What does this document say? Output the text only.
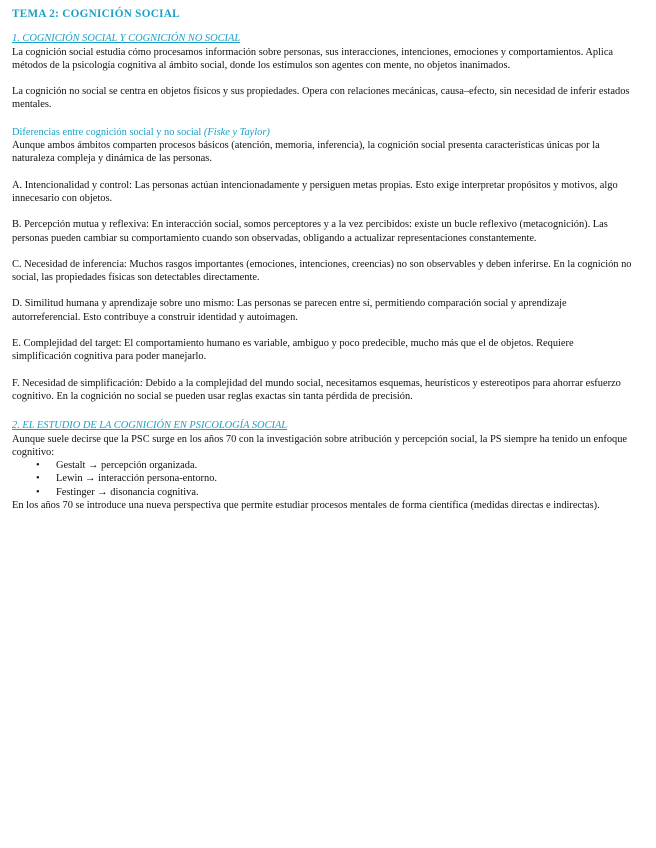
TEMA 2: COGNICIÓN SOCIAL
1. COGNICIÓN SOCIAL Y COGNICIÓN NO SOCIAL

La cognición social estudia cómo procesamos información sobre personas, sus interacciones, intenciones, emociones y comportamientos. Aplica métodos de la psicología cognitiva al ámbito social, donde los estímulos son agentes con mente, no objetos inanimados.

La cognición no social se centra en objetos físicos y sus propiedades. Opera con relaciones mecánicas, causa–efecto, sin necesidad de inferir estados mentales.

Diferencias entre cognición social y no social (Fiske y Taylor)

Aunque ambos ámbitos comparten procesos básicos (atención, memoria, inferencia), la cognición social presenta características únicas por la naturaleza compleja y dinámica de las personas.

A. Intencionalidad y control: Las personas actúan intencionadamente y persiguen metas propias. Esto exige interpretar propósitos y motivos, algo innecesario con objetos.

B. Percepción mutua y reflexiva: En interacción social, somos perceptores y a la vez percibidos: existe un bucle reflexivo (metacognición). Las personas pueden cambiar su comportamiento cuando son observadas, obligando a actualizar representaciones constantemente.

C. Necesidad de inferencia: Muchos rasgos importantes (emociones, intenciones, creencias) no son observables y deben inferirse. En la cognición no social, las propiedades físicas son detectables directamente.

D. Similitud humana y aprendizaje sobre uno mismo: Las personas se parecen entre sí, permitiendo comparación social y aprendizaje autorreferencial. Esto contribuye a construir identidad y autoimagen.

E. Complejidad del target: El comportamiento humano es variable, ambiguo y poco predecible, mucho más que el de objetos. Requiere simplificación cognitiva para poder manejarlo.

F. Necesidad de simplificación: Debido a la complejidad del mundo social, necesitamos esquemas, heurísticos y estereotipos para ahorrar esfuerzo cognitivo. En la cognición no social se pueden usar reglas exactas sin tanta pérdida de precisión.

2. EL ESTUDIO DE LA COGNICIÓN EN PSICOLOGÍA SOCIAL

Aunque suele decirse que la PSC surge en los años 70 con la investigación sobre atribución y percepción social, la PS siempre ha tenido un enfoque cognitivo:

• Gestalt → percepción organizada.
• Lewin → interacción persona-entorno.
• Festinger → disonancia cognitiva.

En los años 70 se introduce una nueva perspectiva que permite estudiar procesos mentales de forma científica (medidas directas e indirectas).
